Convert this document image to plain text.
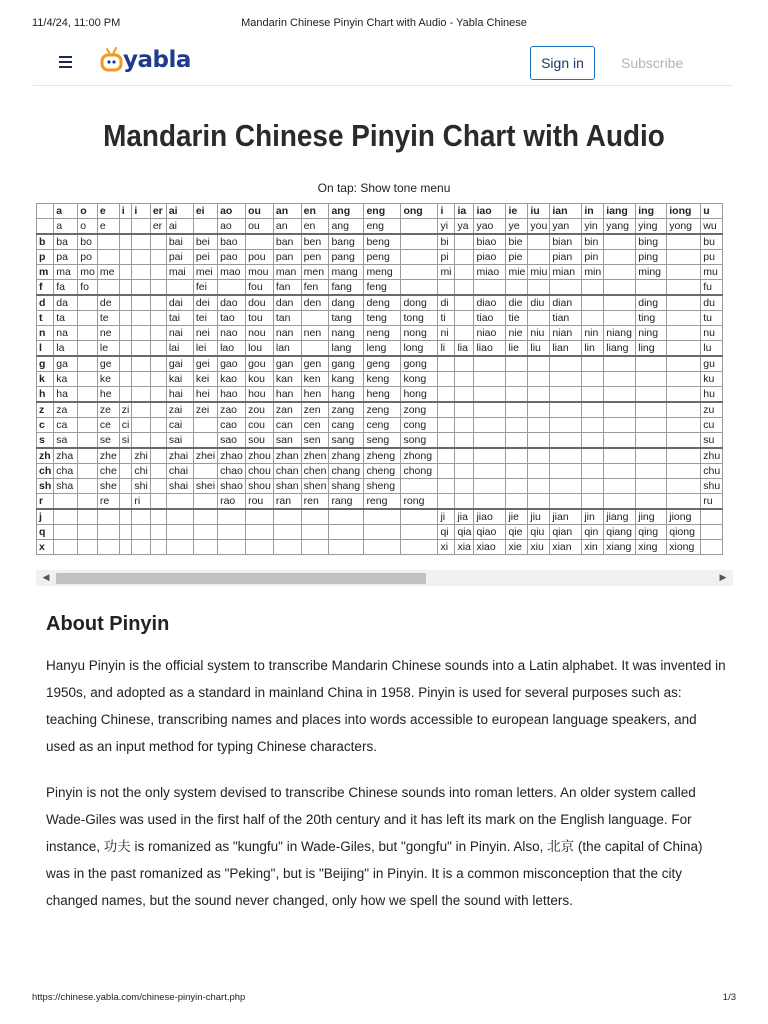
11/4/24, 11:00 PM	Mandarin Chinese Pinyin Chart with Audio - Yabla Chinese
yabla	Sign in	Subscribe
Mandarin Chinese Pinyin Chart with Audio
On tap: Show tone menu
	a	o	e	i	i	er	ai	ei	ao	ou	an	en	ang	eng	ong	i	ia	iao	ie	iu	ian	in	iang	ing	iong	u
	a	o	e			er	ai		ao	ou	an	en	ang	eng		yi	ya	yao	ye	you	yan	yin	yang	ying	yong	wu
b	ba	bo					bai	bei	bao		ban	ben	bang	beng		bi		biao	bie		bian	bin		bing		bu
p	pa	po					pai	pei	pao	pou	pan	pen	pang	peng		pi		piao	pie		pian	pin		ping		pu
m	ma	mo	me				mai	mei	mao	mou	man	men	mang	meng		mi		miao	mie	miu	mian	min		ming		mu
f	fa	fo						fei		fou	fan	fen	fang	feng												fu
d	da		de				dai	dei	dao	dou	dan	den	dang	deng	dong	di		diao	die	diu	dian			ding		du
t	ta		te				tai	tei	tao	tou	tan		tang	teng	tong	ti		tiao	tie		tian			ting		tu
n	na		ne				nai	nei	nao	nou	nan	nen	nang	neng	nong	ni		niao	nie	niu	nian	nin	niang	ning		nu
l	la		le				lai	lei	lao	lou	lan		lang	leng	long	li	lia	liao	lie	liu	lian	lin	liang	ling		lu
g	ga		ge				gai	gei	gao	gou	gan	gen	gang	geng	gong											gu
k	ka		ke				kai	kei	kao	kou	kan	ken	kang	keng	kong											ku
h	ha		he				hai	hei	hao	hou	han	hen	hang	heng	hong											hu
z	za		ze	zi			zai	zei	zao	zou	zan	zen	zang	zeng	zong											zu
c	ca		ce	ci			cai		cao	cou	can	cen	cang	ceng	cong											cu
s	sa		se	si			sai		sao	sou	san	sen	sang	seng	song											su
zh	zha		zhe		zhi		zhai	zhei	zhao	zhou	zhan	zhen	zhang	zheng	zhong											zhu
ch	cha		che		chi		chai		chao	chou	chan	chen	chang	cheng	chong											chu
sh	sha		she		shi		shai	shei	shao	shou	shan	shen	shang	sheng												shu
r			re		ri				rao	rou	ran	ren	rang	reng	rong											ru
j																ji	jia	jiao	jie	jiu	jian	jin	jiang	jing	jiong	
q																qi	qia	qiao	qie	qiu	qian	qin	qiang	qing	qiong	
x																xi	xia	xiao	xie	xiu	xian	xin	xiang	xing	xiong	
◀	▶
About Pinyin

Hanyu Pinyin is the official system to transcribe Mandarin Chinese sounds into a Latin alphabet. It was invented in 1950s, and adopted as a standard in mainland China in 1958. Pinyin is used for several purposes such as: teaching Chinese, transcribing names and places into words accessible to european language speakers, and used as an input method for typing Chinese characters.

Pinyin is not the only system devised to transcribe Chinese sounds into roman letters. An older system called Wade-Giles was used in the first half of the 20th century and it has left its mark on the English language. For instance, 功夫 is romanized as "kungfu" in Wade-Giles, but "gongfu" in Pinyin. Also, 北京 (the capital of China) was in the past romanized as "Peking", but is "Beijing" in Pinyin. It is a common misconception that the city changed names, but the sound never changed, only how we spell the sound with letters.

https://chinese.yabla.com/chinese-pinyin-chart.php	1/3
